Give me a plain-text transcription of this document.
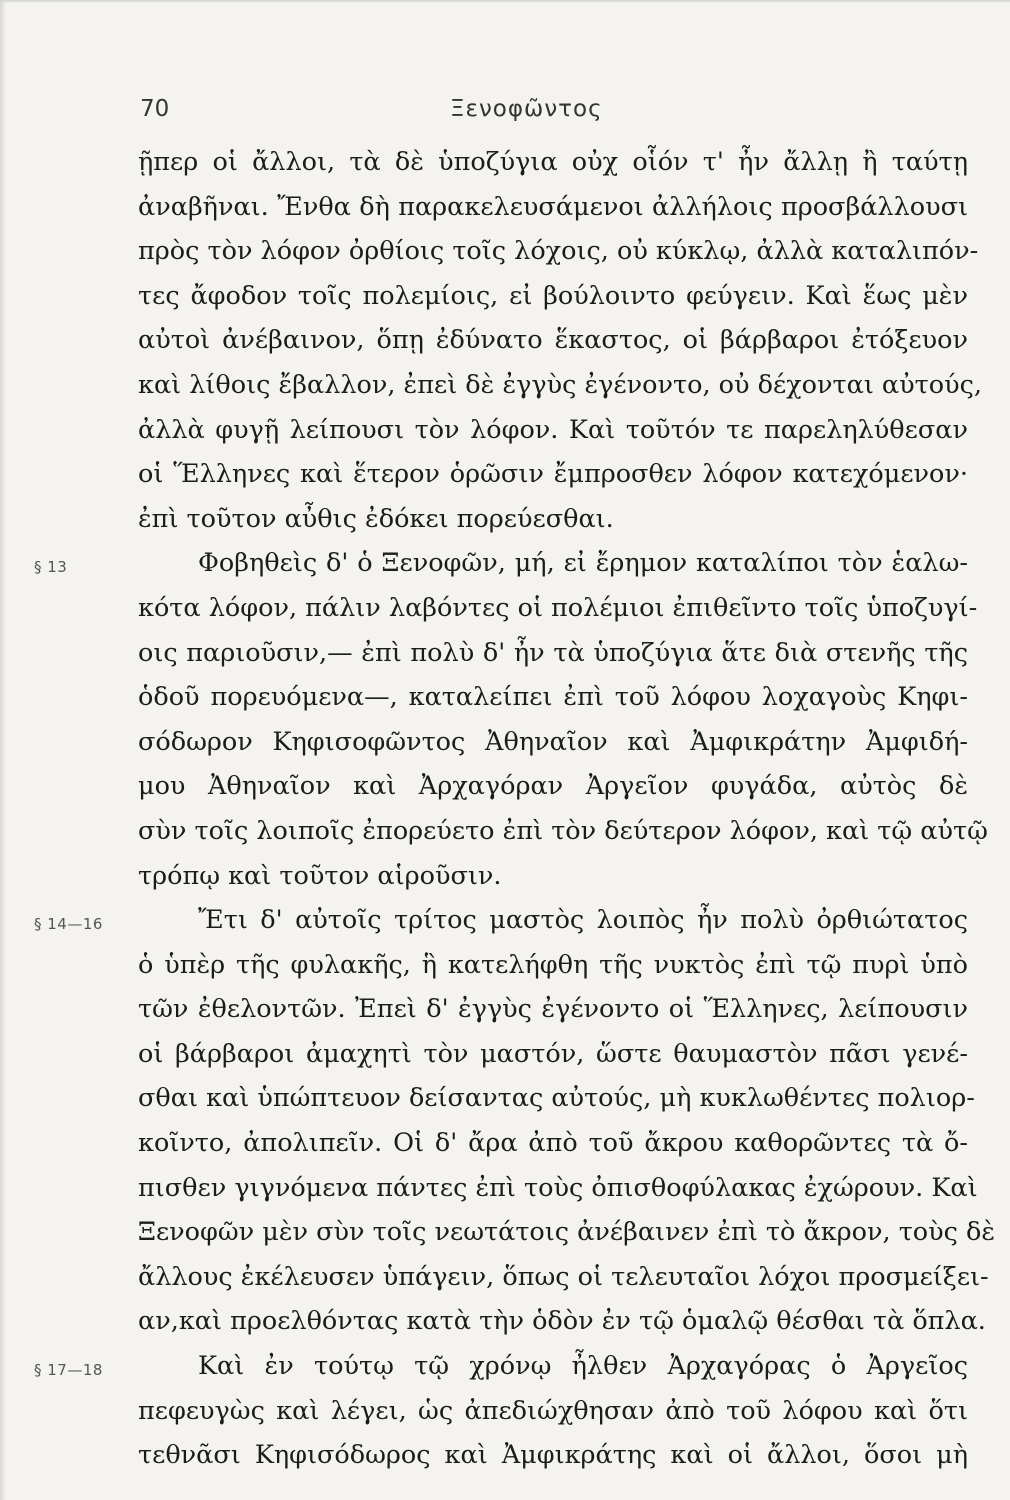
70	Ξενοφῶντος
ῇπερ οἱ ἄλλοι, τὰ δὲ ὑποζύγια οὐχ οἷόν τ' ἦν ἄλλῃ ἢ ταύτῃ
ἀναβῆναι. Ἔνθα δὴ παρακελευσάμενοι ἀλλήλοις προσβάλλουσι
πρὸς τὸν λόφον ὀρθίοις τοῖς λόχοις, οὐ κύκλῳ, ἀλλὰ καταλιπόν-
τες ἄφοδον τοῖς πολεμίοις, εἰ βούλοιντο φεύγειν. Καὶ ἕως μὲν
αὐτοὶ ἀνέβαινον, ὅπῃ ἐδύνατο ἕκαστος, οἱ βάρβαροι ἐτόξευον
καὶ λίθοις ἔβαλλον, ἐπεὶ δὲ ἐγγὺς ἐγένοντο, οὐ δέχονται αὐτούς,
ἀλλὰ φυγῇ λείπουσι τὸν λόφον. Καὶ τοῦτόν τε παρεληλύθεσαν
οἱ Ἕλληνες καὶ ἕτερον ὁρῶσιν ἔμπροσθεν λόφον κατεχόμενον·
ἐπὶ τοῦτον αὖθις ἐδόκει πορεύεσθαι.
§ 13	Φοβηθεὶς δ' ὁ Ξενοφῶν, μή, εἰ ἔρημον καταλίποι τὸν ἑαλω-
κότα λόφον, πάλιν λαβόντες οἱ πολέμιοι ἐπιθεῖντο τοῖς ὑποζυγί-
οις παριοῦσιν,— ἐπὶ πολὺ δ' ἦν τὰ ὑποζύγια ἅτε διὰ στενῆς τῆς
ὁδοῦ πορευόμενα—, καταλείπει ἐπὶ τοῦ λόφου λοχαγοὺς Κηφι-
σόδωρον Κηφισοφῶντος Ἀθηναῖον καὶ Ἀμφικράτην Ἀμφιδή-
μου Ἀθηναῖον καὶ Ἀρχαγόραν Ἀργεῖον φυγάδα, αὐτὸς δὲ
σὺν τοῖς λοιποῖς ἐπορεύετο ἐπὶ τὸν δεύτερον λόφον, καὶ τῷ αὐτῷ
τρόπῳ καὶ τοῦτον αἱροῦσιν.
§ 14—16	Ἔτι δ' αὐτοῖς τρίτος μαστὸς λοιπὸς ἦν πολὺ ὀρθιώτατος
ὁ ὑπὲρ τῆς φυλακῆς, ἣ κατελήφθη τῆς νυκτὸς ἐπὶ τῷ πυρὶ ὑπὸ
τῶν ἐθελοντῶν. Ἐπεὶ δ' ἐγγὺς ἐγένοντο οἱ Ἕλληνες, λείπουσιν
οἱ βάρβαροι ἀμαχητὶ τὸν μαστόν, ὥστε θαυμαστὸν πᾶσι γενέ-
σθαι καὶ ὑπώπτευον δείσαντας αὐτούς, μὴ κυκλωθέντες πολιορ-
κοῖντο, ἀπολιπεῖν. Οἱ δ' ἄρα ἀπὸ τοῦ ἄκρου καθορῶντες τὰ ὄ-
πισθεν γιγνόμενα πάντες ἐπὶ τοὺς ὀπισθοφύλακας ἐχώρουν. Καὶ
Ξενοφῶν μὲν σὺν τοῖς νεωτάτοις ἀνέβαινεν ἐπὶ τὸ ἄκρον, τοὺς δὲ
ἄλλους ἐκέλευσεν ὑπάγειν, ὅπως οἱ τελευταῖοι λόχοι προσμείξει-
αν,καὶ προελθόντας κατὰ τὴν ὁδὸν ἐν τῷ ὁμαλῷ θέσθαι τὰ ὅπλα.
§ 17—18	Καὶ ἐν τούτῳ τῷ χρόνῳ ἦλθεν Ἀρχαγόρας ὁ Ἀργεῖος
πεφευγὼς καὶ λέγει, ὡς ἀπεδιώχθησαν ἀπὸ τοῦ λόφου καὶ ὅτι
τεθνᾶσι Κηφισόδωρος καὶ Ἀμφικράτης καὶ οἱ ἄλλοι, ὅσοι μὴ
